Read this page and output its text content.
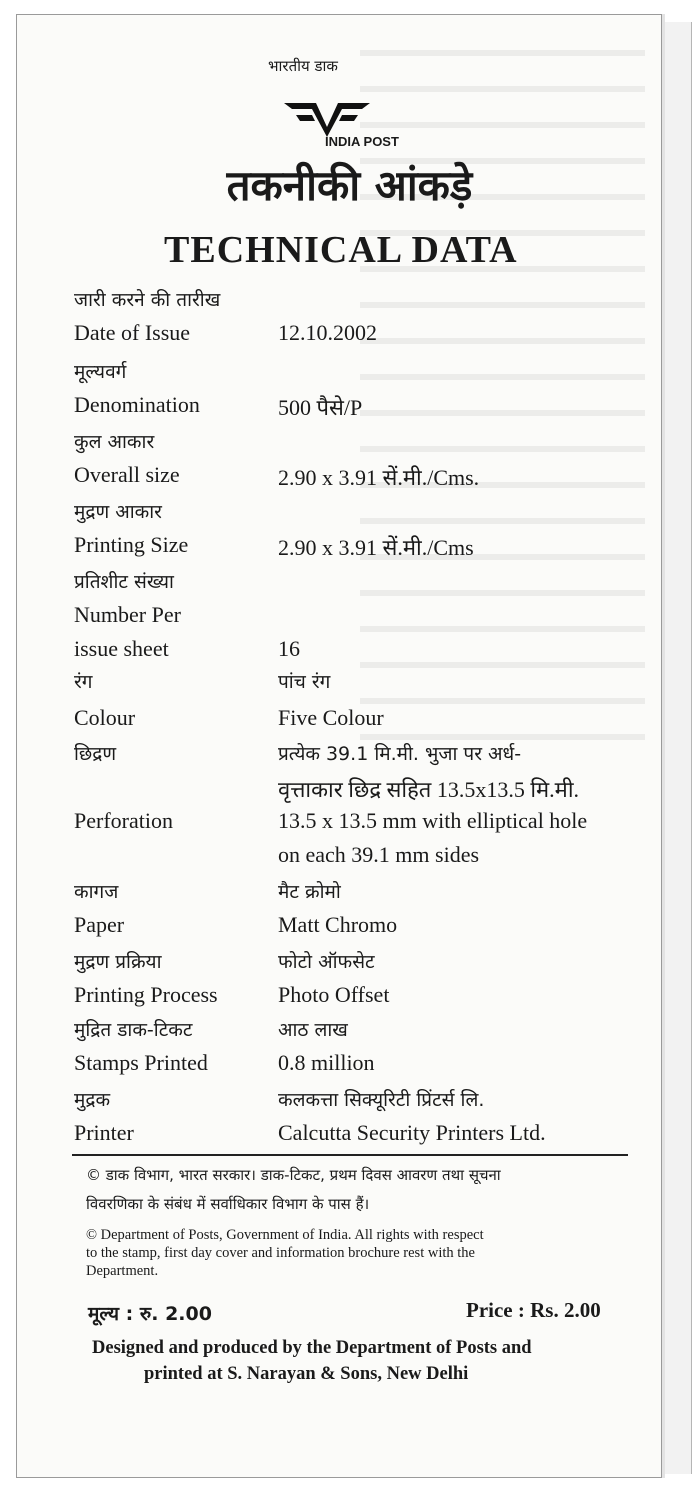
भारतीय डाक
INDIA POST
तकनीकी आंकड़े
TECHNICAL DATA
जारी करने की तारीख
Date of Issue	12.10.2002
मूल्यवर्ग
Denomination	500 पैसे/P
कुल आकार
Overall size	2.90 x 3.91 सें.मी./Cms.
मुद्रण आकार
Printing Size	2.90 x 3.91 सें.मी./Cms
प्रतिशीट संख्या
Number Per
issue sheet	16
रंग	पांच रंग
Colour	Five Colour
छिद्रण	प्रत्येक 39.1 मि.मी. भुजा पर अर्ध-
वृत्ताकार छिद्र सहित 13.5x13.5 मि.मी.
Perforation	13.5 x 13.5 mm with elliptical hole
on each 39.1 mm sides
कागज	मैट क्रोमो
Paper	Matt Chromo
मुद्रण प्रक्रिया	फोटो ऑफसेट
Printing Process	Photo Offset
मुद्रित डाक-टिकट	आठ लाख
Stamps Printed	0.8 million
मुद्रक	कलकत्ता सिक्यूरिटी प्रिंटर्स लि.
Printer	Calcutta Security Printers Ltd.
© डाक विभाग, भारत सरकार। डाक-टिकट, प्रथम दिवस आवरण तथा सूचना
विवरणिका के संबंध में सर्वाधिकार विभाग के पास हैं।
© Department of Posts, Government of India. All rights with respect
to the stamp, first day cover and information brochure rest with the
Department.
मूल्य : रु. 2.00	Price : Rs. 2.00
Designed and produced by the Department of Posts and
printed at S. Narayan & Sons, New Delhi
